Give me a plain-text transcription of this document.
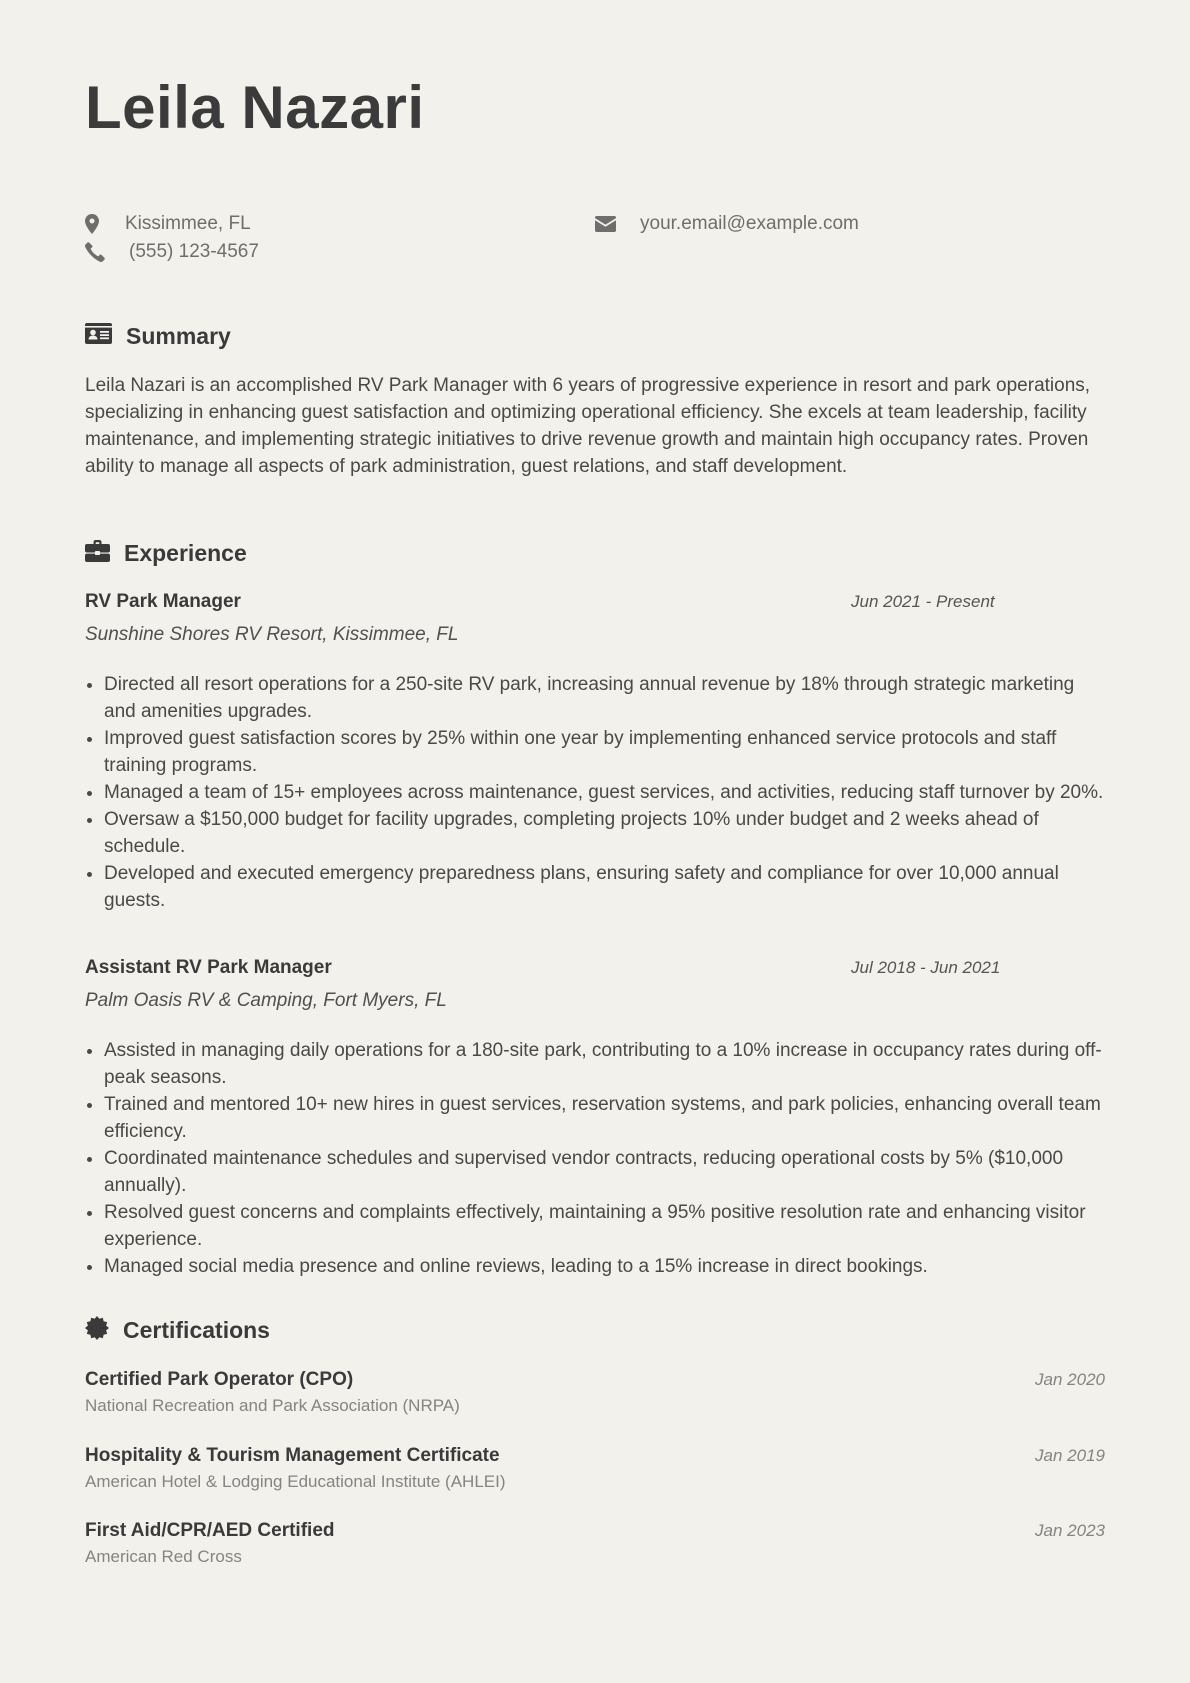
Leila Nazari
Kissimmee, FL
(555) 123-4567
your.email@example.com
Summary

Leila Nazari is an accomplished RV Park Manager with 6 years of progressive experience in resort and park operations, specializing in enhancing guest satisfaction and optimizing operational efficiency. She excels at team leadership, facility maintenance, and implementing strategic initiatives to drive revenue growth and maintain high occupancy rates. Proven ability to manage all aspects of park administration, guest relations, and staff development.

Experience
RV Park Manager	Jun 2021 - Present
Sunshine Shores RV Resort, Kissimmee, FL
Directed all resort operations for a 250-site RV park, increasing annual revenue by 18% through strategic marketing and amenities upgrades.
Improved guest satisfaction scores by 25% within one year by implementing enhanced service protocols and staff training programs.
Managed a team of 15+ employees across maintenance, guest services, and activities, reducing staff turnover by 20%.
Oversaw a $150,000 budget for facility upgrades, completing projects 10% under budget and 2 weeks ahead of schedule.
Developed and executed emergency preparedness plans, ensuring safety and compliance for over 10,000 annual guests.
Assistant RV Park Manager	Jul 2018 - Jun 2021
Palm Oasis RV & Camping, Fort Myers, FL
Assisted in managing daily operations for a 180-site park, contributing to a 10% increase in occupancy rates during off-peak seasons.
Trained and mentored 10+ new hires in guest services, reservation systems, and park policies, enhancing overall team efficiency.
Coordinated maintenance schedules and supervised vendor contracts, reducing operational costs by 5% ($10,000 annually).
Resolved guest concerns and complaints effectively, maintaining a 95% positive resolution rate and enhancing visitor experience.
Managed social media presence and online reviews, leading to a 15% increase in direct bookings.
Certifications
Certified Park Operator (CPO)
National Recreation and Park Association (NRPA)
Jan 2020
Hospitality & Tourism Management Certificate
American Hotel & Lodging Educational Institute (AHLEI)
Jan 2019
First Aid/CPR/AED Certified
American Red Cross
Jan 2023
